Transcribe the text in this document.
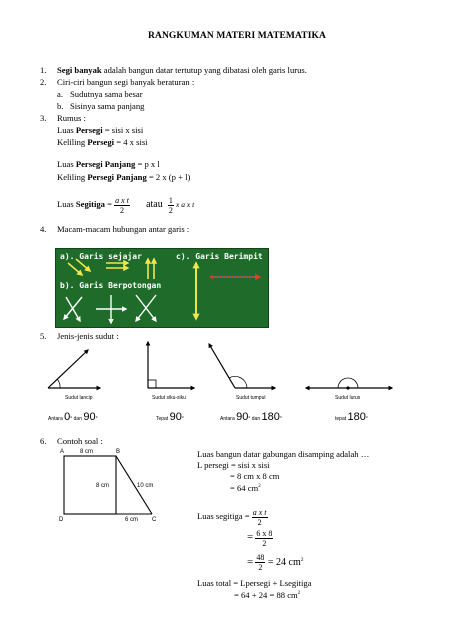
RANGKUMAN MATERI MATEMATIKA
1. Segi banyak adalah bangun datar tertutup yang dibatasi oleh garis lurus.
2. Ciri-ciri bangun segi banyak beraturan :
a. Sudutnya sama besar
b. Sisinya sama panjang
3. Rumus :
Luas Persegi = sisi x sisi
Keliling Persegi = 4 x sisi
Luas Persegi Panjang = p x l
Keliling Persegi Panjang = 2 x (p + l)
Luas Segitiga = $\frac{\text{a x t}}{2}$ atau $\frac{1}{2}$ x a x t
4. Macam-macam hubungan antar garis :
a). Garis sejajar
b). Garis Berpotongan
c). Garis Berimpit
5. Jenis-jenis sudut :
Sudut lancip
Antara 0° dan 90°
Sudut siku-siku
Tepat 90°
Sudut tumpul
Antara 90° dan 180°
Sudut lurus
tepat 180°
6. Contoh soal :
A	B
C
D
8 cm
8 cm	10 cm
6 cm
Luas bangun datar gabungan disamping adalah …
L persegi = sisi x sisi
= 8 cm x 8 cm
= 64 $cm^2$
Luas segitiga = $\frac{\text{a x t}}{2}$
= $\frac{6 x 8}{2}$
= $\frac{48}{2} = 24$ $cm^2$
Luas total = Lpersegi + Lsegitiga
= 64 + 24 = 88 $cm^2$
